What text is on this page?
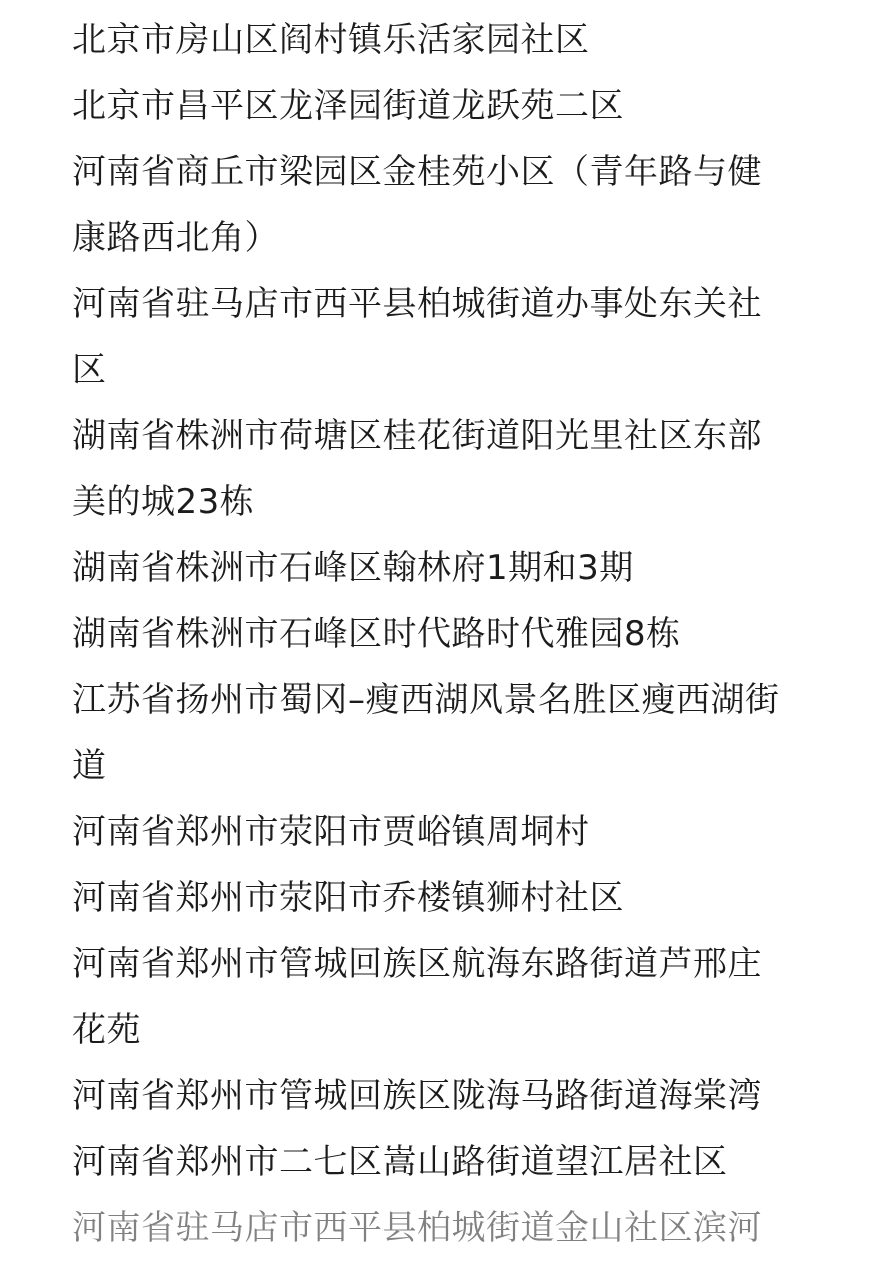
北京市房山区阎村镇乐活家园社区
北京市昌平区龙泽园街道龙跃苑二区
河南省商丘市梁园区金桂苑小区（青年路与健
康路西北角）
河南省驻马店市西平县柏城街道办事处东关社
区
湖南省株洲市荷塘区桂花街道阳光里社区东部
美的城23栋
湖南省株洲市石峰区翰林府1期和3期
湖南省株洲市石峰区时代路时代雅园8栋
江苏省扬州市蜀冈–瘦西湖风景名胜区瘦西湖街
道
河南省郑州市荥阳市贾峪镇周垌村
河南省郑州市荥阳市乔楼镇狮村社区
河南省郑州市管城回族区航海东路街道芦邢庄
花苑
河南省郑州市管城回族区陇海马路街道海棠湾
河南省郑州市二七区嵩山路街道望江居社区
河南省驻马店市西平县柏城街道金山社区滨河
